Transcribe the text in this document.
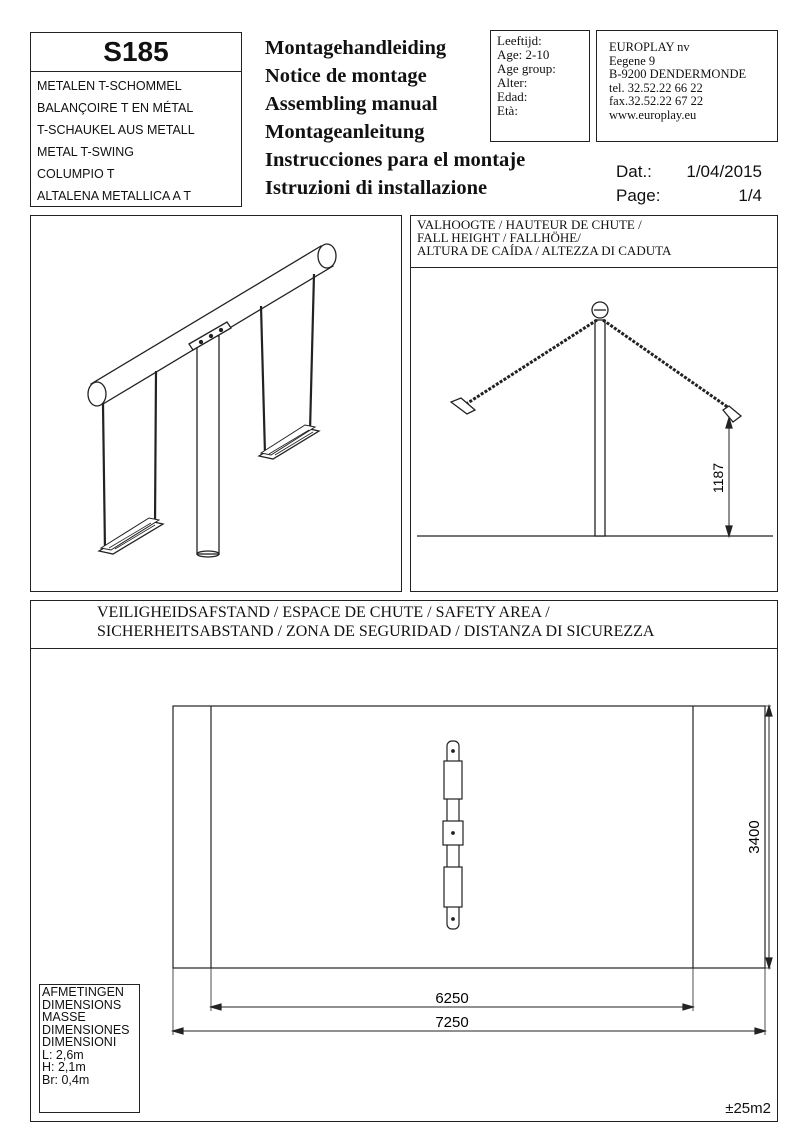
S185
METALEN T-SCHOMMEL
BALANÇOIRE T EN MÉTAL
T-SCHAUKEL AUS METALL
METAL T-SWING
COLUMPIO T
ALTALENA METALLICA A T
Montagehandleiding
Notice de montage
Assembling manual
Montageanleitung
Instrucciones para el montaje
Istruzioni di installazione
Leeftijd:
Age: 2-10
Age group:
Alter:
Edad:
Età:
EUROPLAY nv
Eegene 9
B-9200 DENDERMONDE
tel. 32.52.22 66 22
fax.32.52.22 67 22
www.europlay.eu
Dat.: 1/04/2015
Page:	1/4
VALHOOGTE / HAUTEUR DE CHUTE /
FALL HEIGHT / FALLHÖHE/
ALTURA DE CAÍDA / ALTEZZA DI CADUTA
1187
VEILIGHEIDSAFSTAND / ESPACE DE CHUTE / SAFETY AREA /
SICHERHEITSABSTAND / ZONA DE SEGURIDAD / DISTANZA DI SICUREZZA
3400
6250
7250
AFMETINGEN
DIMENSIONS
MASSE
DIMENSIONES
DIMENSIONI
L: 2,6m
H: 2,1m
Br: 0,4m
±25m2
